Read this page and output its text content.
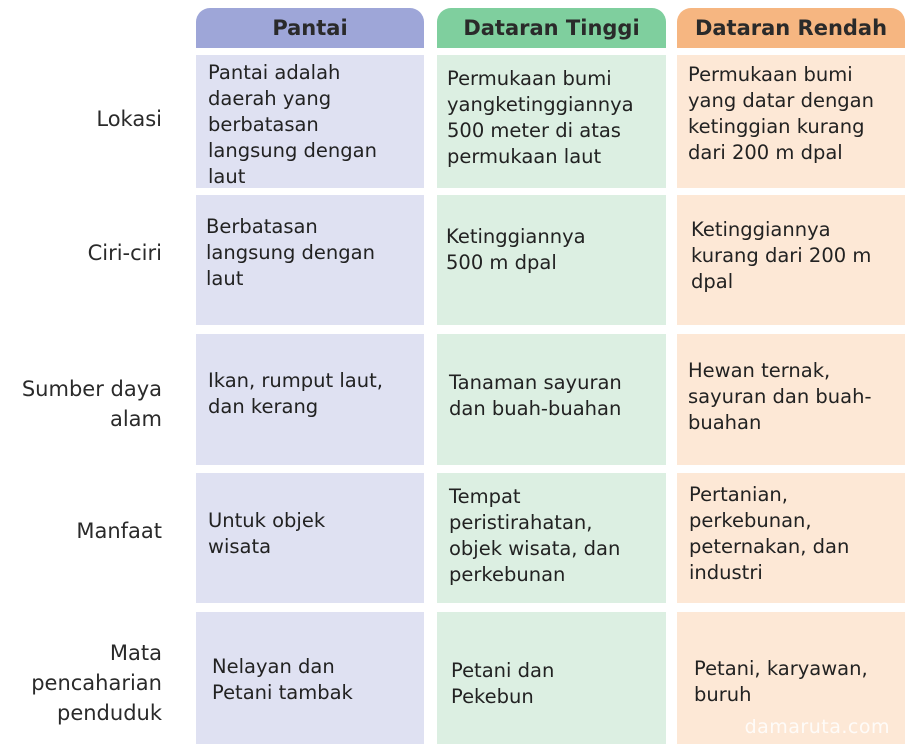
Pantai	Dataran Tinggi	Dataran Rendah
Lokasi
Pantai adalah
daerah yang
berbatasan
langsung dengan
laut
Permukaan bumi
yangketinggiannya
500 meter di atas
permukaan laut
Permukaan bumi
yang datar dengan
ketinggian kurang
dari 200 m dpal
Ciri-ciri
Berbatasan
langsung dengan
laut
Ketinggiannya
500 m dpal
Ketinggiannya
kurang dari 200 m
dpal
Sumber daya
alam
Ikan, rumput laut,
dan kerang
Tanaman sayuran
dan buah-buahan
Hewan ternak,
sayuran dan buah-
buahan
Manfaat Untuk objek
wisata
Tempat
peristirahatan,
objek wisata, dan
perkebunan
Pertanian,
perkebunan,
peternakan, dan
industri
Mata
pencaharian
penduduk
Nelayan dan
Petani tambak
Petani dan
Pekebun
Petani, karyawan,
buruh
damaruta.com
